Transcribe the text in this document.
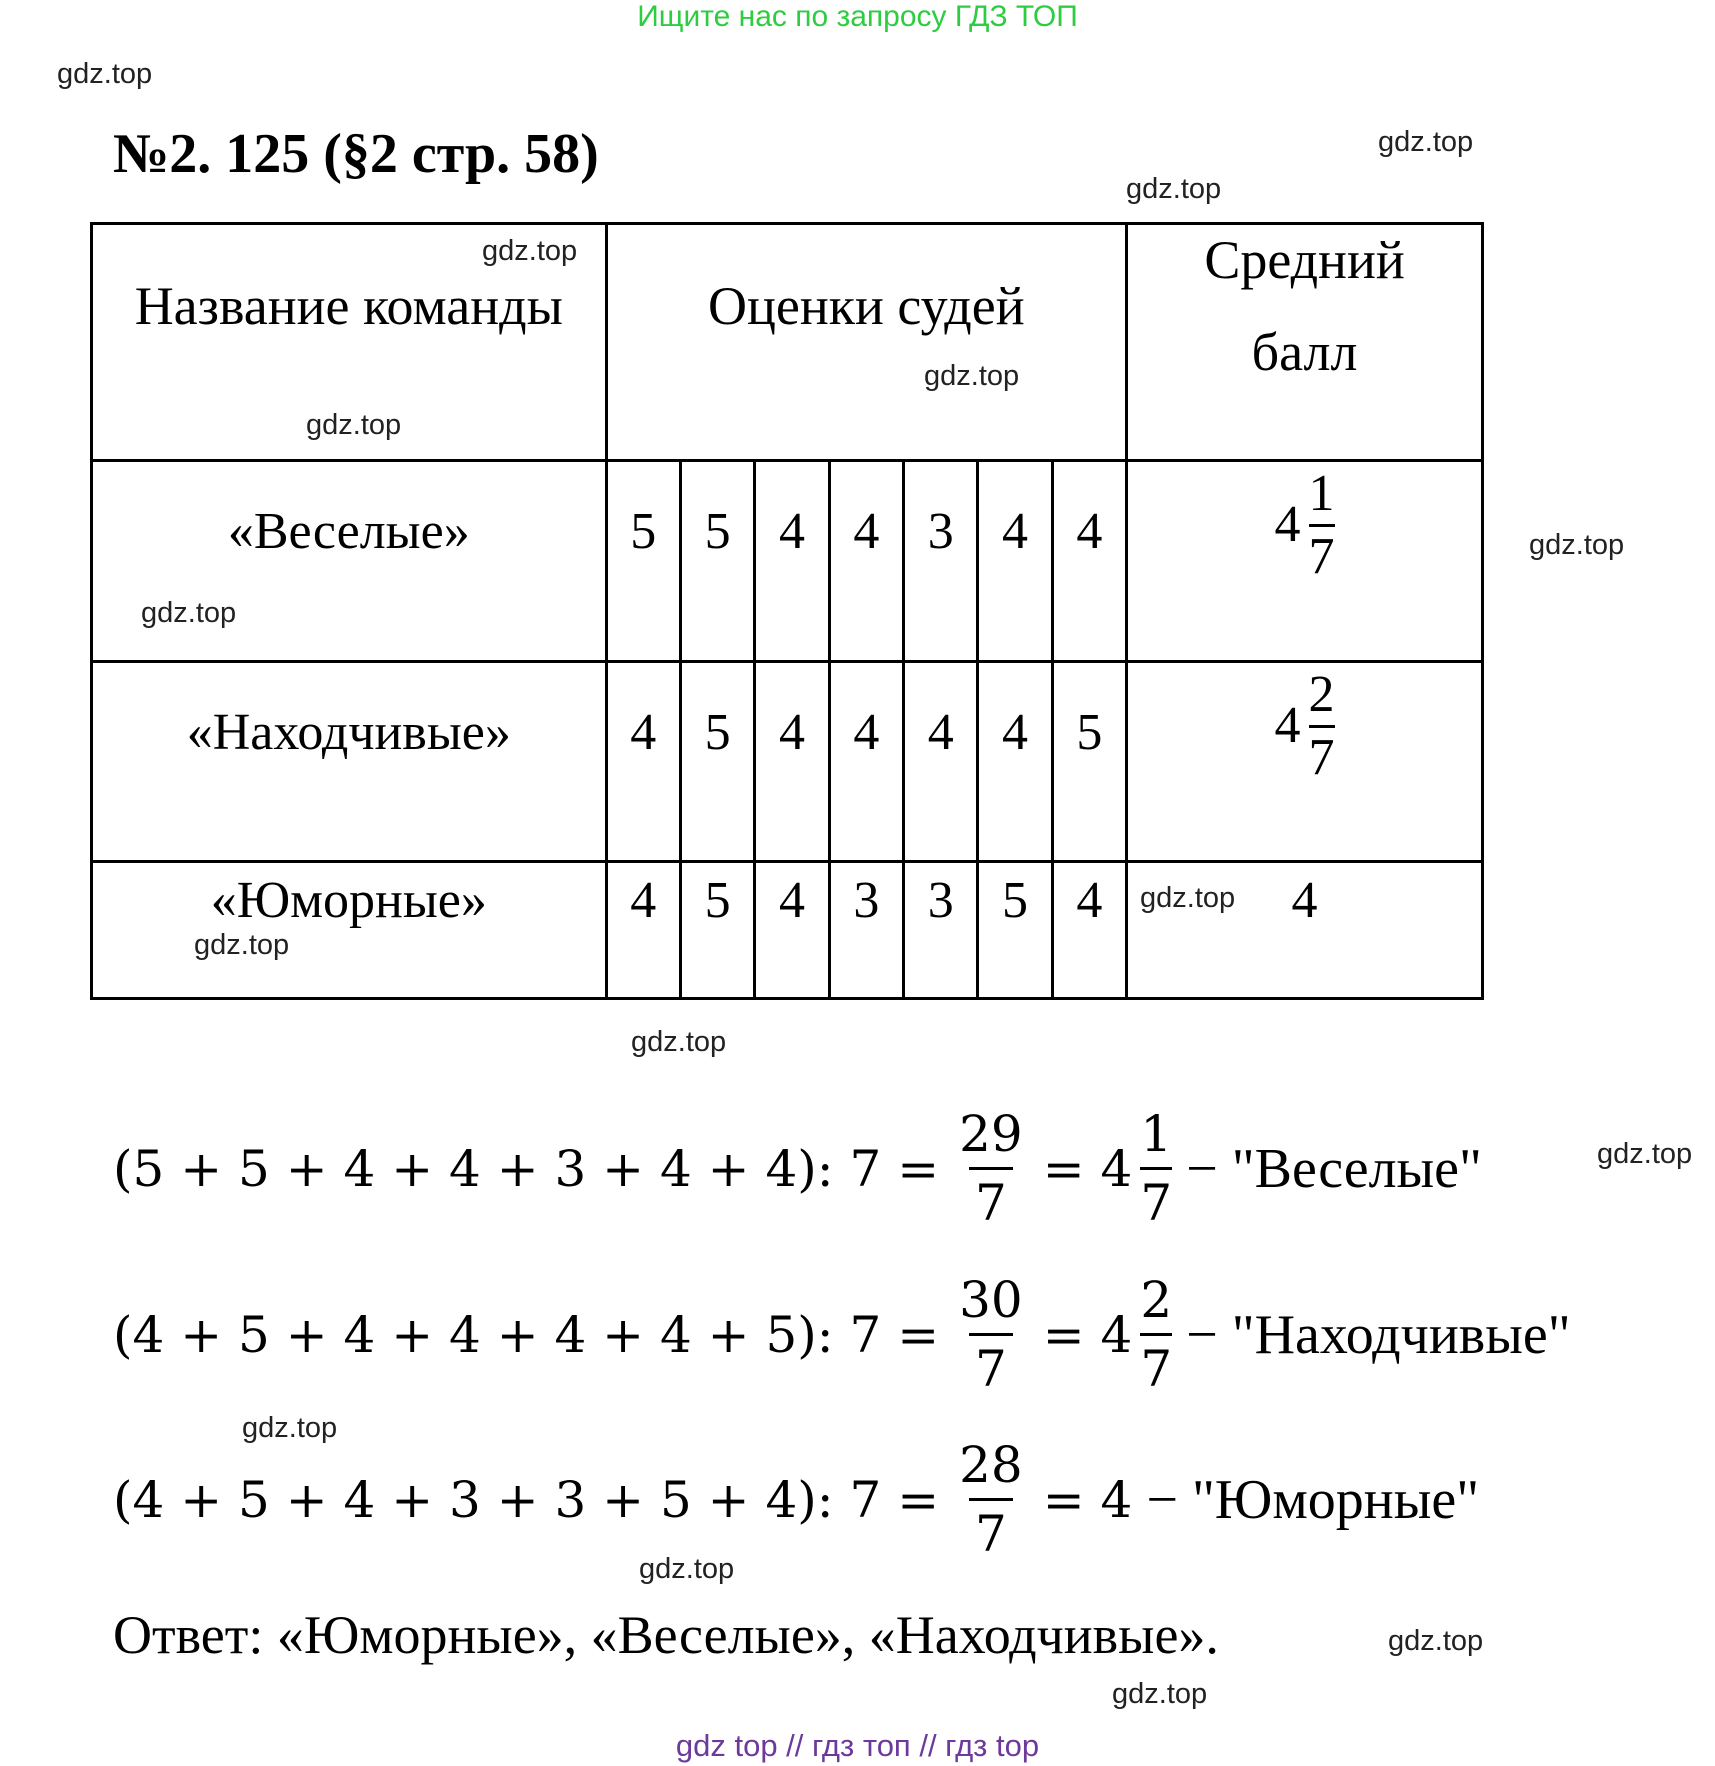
Ищите нас по запросу ГДЗ ТОП
gdz.top
gdz.top
gdz.top
№2. 125 (§2 стр. 58)
Название команды	Оценки судей							Средний
балл

«Веселые»	5	5	4	4	3	4	4	$4 \frac{1}{7}$

«Находчивые»	4	5	4	4	4	4	5	$4 \frac{2}{7}$

«Юморные»	4	5	4	3	3	5	4	4
gdz.top
gdz.top
gdz.top
gdz.top
gdz.top
gdz.top
gdz.top
gdz.top
gdz.top
gdz.top
gdz.top
gdz.top
gdz.top
(5 + 5 + 4 + 4 + 3 + 4 + 4): $7 = \frac{29}{7} = 4 \frac{1}{7}$ − "Веселые"
(4 + 5 + 4 + 4 + 4 + 4 + 5): $7 = \frac{30}{7} = 4 \frac{2}{7}$ − "Находчивые"
(4 + 5 + 4 + 3 + 3 + 5 + 4): $7 = \frac{28}{7} = 4$ − "Юморные"
Ответ: «Юморные», «Веселые», «Находчивые».
gdz top // гдз топ // гдз top
